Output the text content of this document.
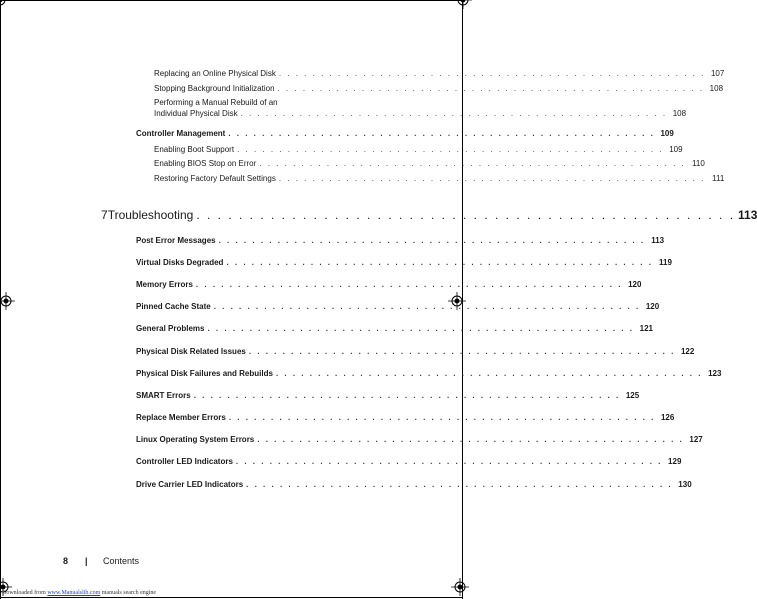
Replacing an Online Physical Disk . . . . . . . . . . . . . . . . . . . . . . . . . . . . . . . . . . . . . . . . . . . . . . . . . . . 107
Stopping Background Initialization . . . . . . . . . . . . . . . . . . . . . . . . . . . . . . . . . . . . . . . . . . . . . . . . . . . 108
Performing a Manual Rebuild of an
Individual Physical Disk . . . . . . . . . . . . . . . . . . . . . . . . . . . . . . . . . . . . . . . . . . . . . . . . . . . 108
Controller Management . . . . . . . . . . . . . . . . . . . . . . . . . . . . . . . . . . . . . . . . . . . . . . . . . . . 109
Enabling Boot Support . . . . . . . . . . . . . . . . . . . . . . . . . . . . . . . . . . . . . . . . . . . . . . . . . . . 109
Enabling BIOS Stop on Error . . . . . . . . . . . . . . . . . . . . . . . . . . . . . . . . . . . . . . . . . . . . . . . . . . . 110
Restoring Factory Default Settings . . . . . . . . . . . . . . . . . . . . . . . . . . . . . . . . . . . . . . . . . . . . . . . . . . . 111
7 Troubleshooting . . . . . . . . . . . . . . . . . . . . . . . . . . . . . . . . . . . . . . . . . . . . . . . . . . . 113
Post Error Messages . . . . . . . . . . . . . . . . . . . . . . . . . . . . . . . . . . . . . . . . . . . . . . . . . . . 113
Virtual Disks Degraded . . . . . . . . . . . . . . . . . . . . . . . . . . . . . . . . . . . . . . . . . . . . . . . . . . . 119
Memory Errors . . . . . . . . . . . . . . . . . . . . . . . . . . . . . . . . . . . . . . . . . . . . . . . . . . . 120
Pinned Cache State . . . . . . . . . . . . . . . . . . . . . . . . . . . . . . . . . . . . . . . . . . . . . . . . . . . 120
General Problems . . . . . . . . . . . . . . . . . . . . . . . . . . . . . . . . . . . . . . . . . . . . . . . . . . . 121
Physical Disk Related Issues . . . . . . . . . . . . . . . . . . . . . . . . . . . . . . . . . . . . . . . . . . . . . . . . . . . 122
Physical Disk Failures and Rebuilds . . . . . . . . . . . . . . . . . . . . . . . . . . . . . . . . . . . . . . . . . . . . . . . . . . . 123
SMART Errors . . . . . . . . . . . . . . . . . . . . . . . . . . . . . . . . . . . . . . . . . . . . . . . . . . . 125
Replace Member Errors . . . . . . . . . . . . . . . . . . . . . . . . . . . . . . . . . . . . . . . . . . . . . . . . . . . 126
Linux Operating System Errors . . . . . . . . . . . . . . . . . . . . . . . . . . . . . . . . . . . . . . . . . . . . . . . . . . . 127
Controller LED Indicators . . . . . . . . . . . . . . . . . . . . . . . . . . . . . . . . . . . . . . . . . . . . . . . . . . . 129
Drive Carrier LED Indicators . . . . . . . . . . . . . . . . . . . . . . . . . . . . . . . . . . . . . . . . . . . . . . . . . . . 130
8 | Contents
Downloaded from www.Manualslib.com manuals search engine
